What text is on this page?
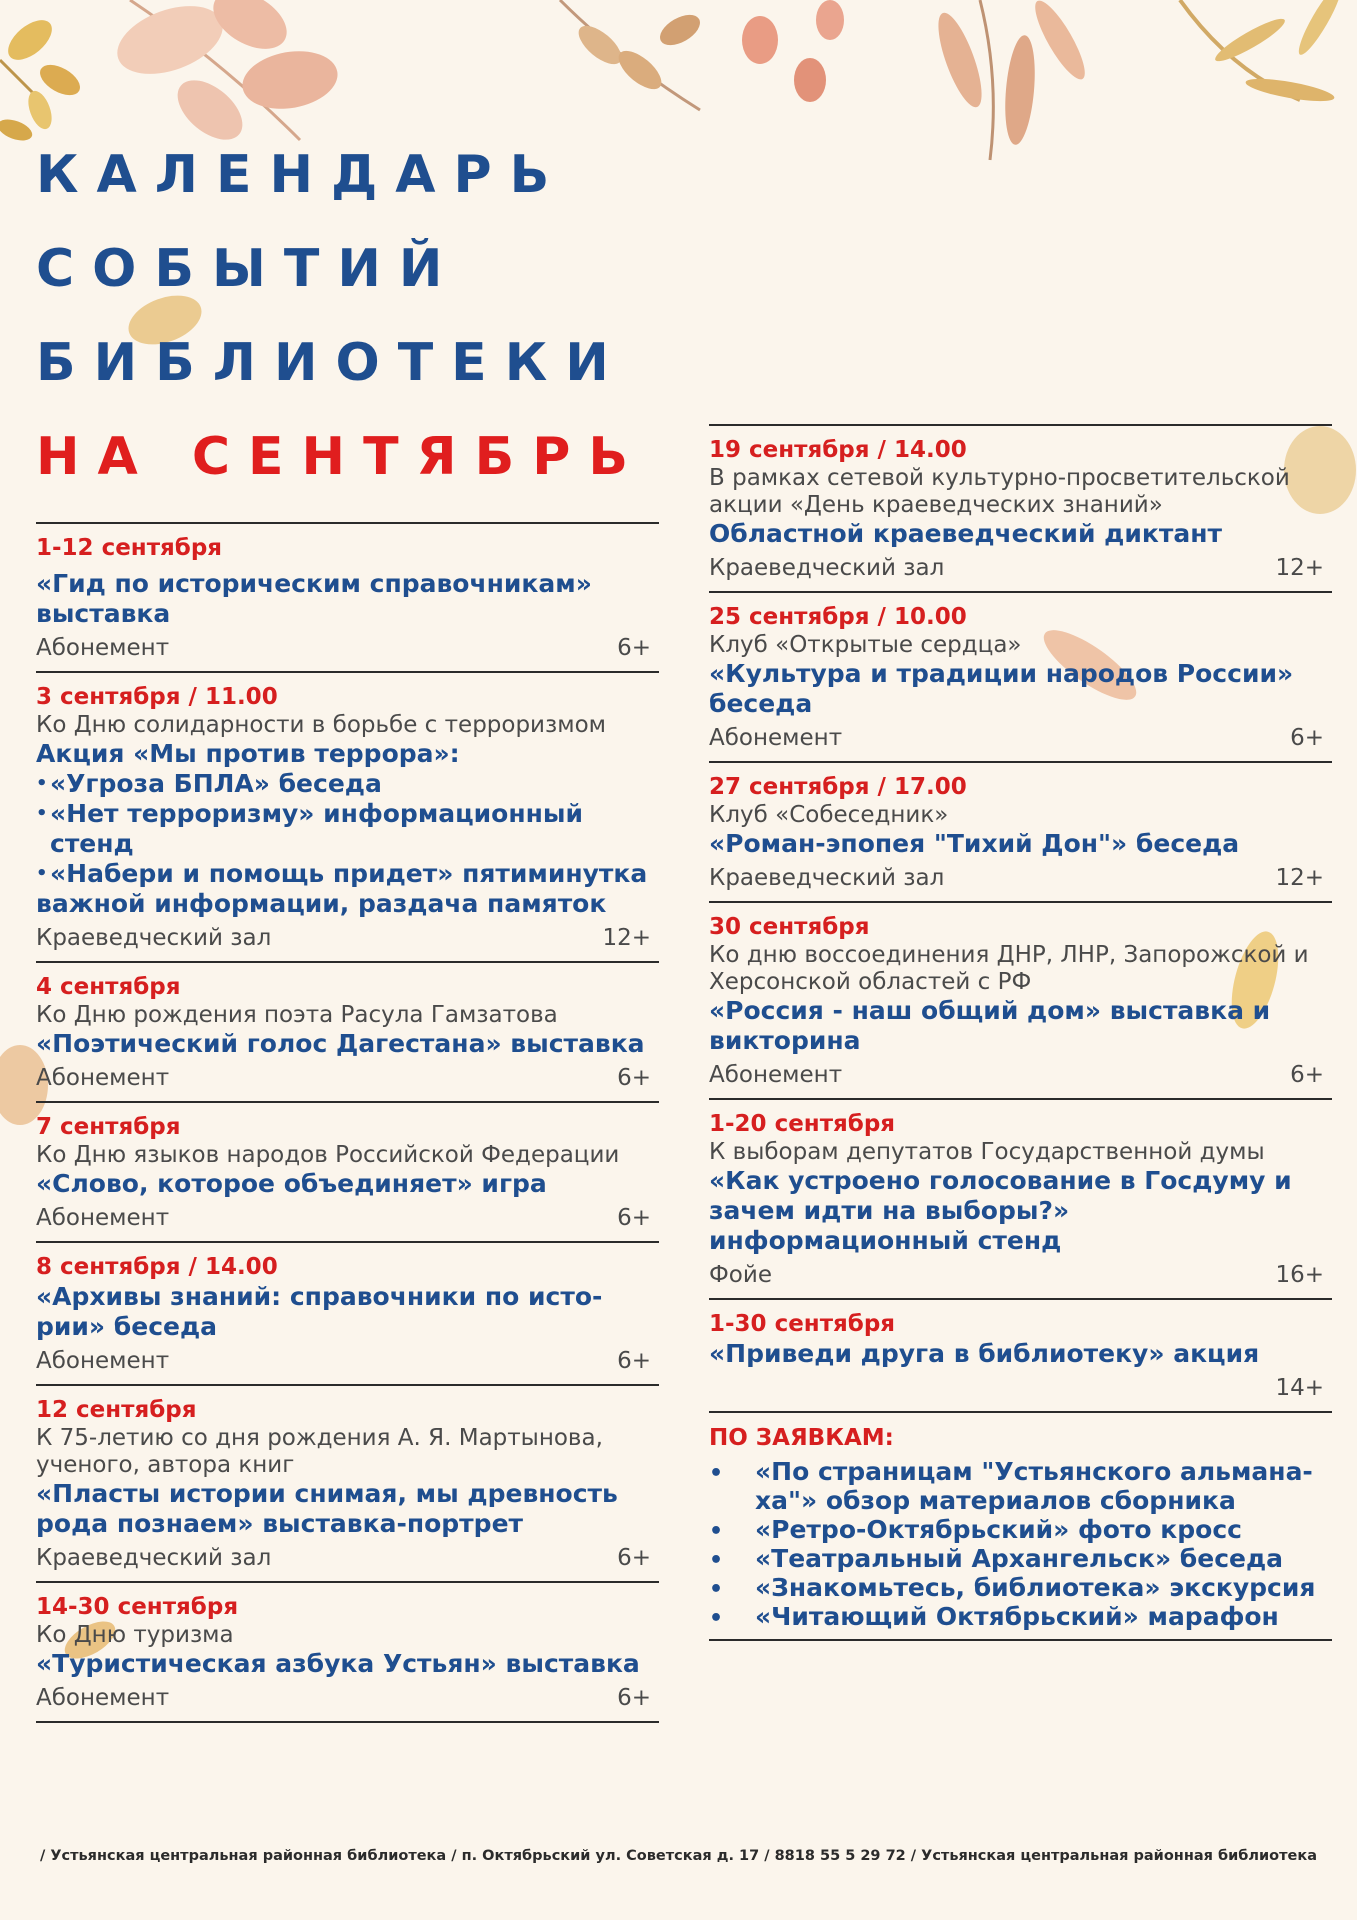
КАЛЕНДАРЬ
СОБЫТИЙ
БИБЛИОТЕКИ
НА СЕНТЯБРЬ
1-12 сентября
«Гид по историческим справочникам» выставка
Абонемент	6+
3 сентября / 11.00
Ко Дню солидарности в борьбе с терроризмом
Акция «Мы против террора»:
• «Угроза БПЛА» беседа
• «Нет терроризму» информационный
стенд
• «Набери и помощь придет» пятиминутка
важной информации, раздача памяток
Краеведческий зал	12+
4 сентября
Ко Дню рождения поэта Расула Гамзатова
«Поэтический голос Дагестана» выставка
Абонемент	6+
7 сентября
Ко Дню языков народов Российской Федерации
«Слово, которое объединяет» игра
Абонемент	6+
8 сентября / 14.00
«Архивы знаний: справочники по исто-рии» беседа
Абонемент	6+
12 сентября
К 75-летию со дня рождения А. Я. Мартынова, ученого, автора книг
«Пласты истории снимая, мы древность рода познаем» выставка-портрет
Краеведческий зал	6+
14-30 сентября
Ко Дню туризма
«Туристическая азбука Устьян» выставка
Абонемент	6+
19 сентября / 14.00
В рамках сетевой культурно-просветительской акции «День краеведческих знаний»
Областной краеведческий диктант
Краеведческий зал	12+
25 сентября / 10.00
Клуб «Открытые сердца»
«Культура и традиции народов России» беседа
Абонемент	6+
27 сентября / 17.00
Клуб «Собеседник»
«Роман-эпопея "Тихий Дон"» беседа
Краеведческий зал	12+
30 сентября
Ко дню воссоединения ДНР, ЛНР, Запорожской и Херсонской областей с РФ
«Россия - наш общий дом» выставка и викторина
Абонемент	6+
1-20 сентября
К выборам депутатов Государственной думы
«Как устроено голосование в Госдуму и зачем идти на выборы?» информационный стенд
Фойе	16+
1-30 сентября
«Приведи друга в библиотеку» акция
14+
ПО ЗАЯВКАМ:
• «По страницам "Устьянского альмана-ха"» обзор материалов сборника
• «Ретро-Октябрьский» фото кросс
• «Театральный Архангельск» беседа
• «Знакомьтесь, библиотека» экскурсия
• «Читающий Октябрьский» марафон
/ Устьянская центральная районная библиотека / п. Октябрьский ул. Советская д. 17 / 8818 55 5 29 72 / Устьянская центральная районная библиотека
